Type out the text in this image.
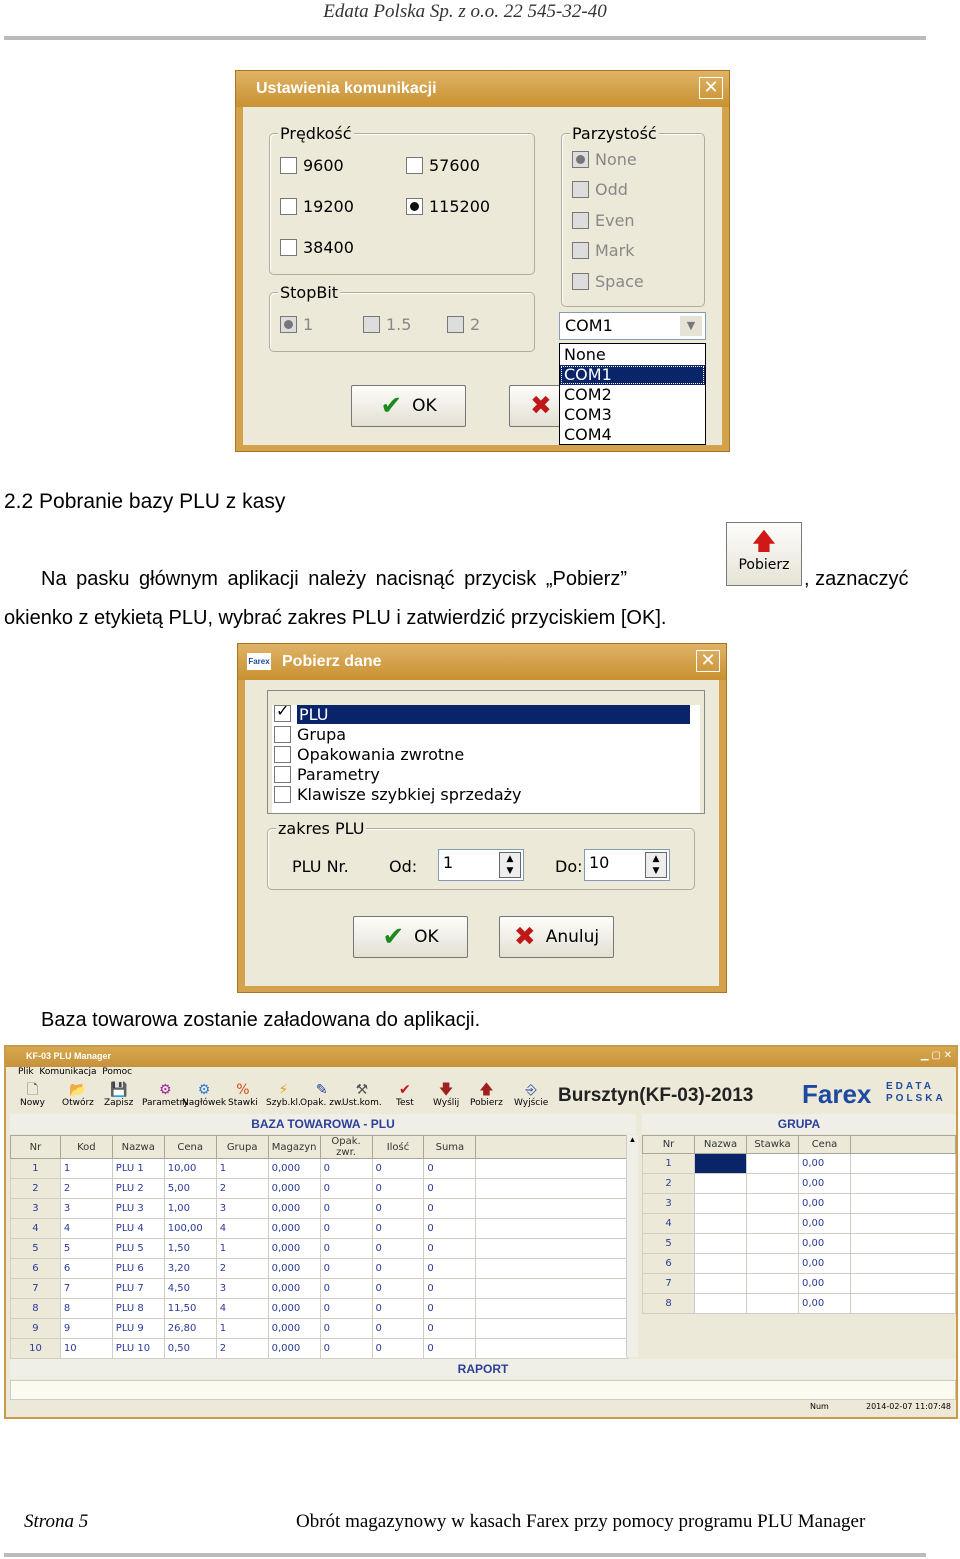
Edata Polska Sp. z o.o. 22 545-32-40
Ustawienia komunikacji	✕
Prędkość
9600	57600
19200	115200
38400
StopBit
1	1.5	2
Parzystość
None
Odd
Even
Mark
Space
COM1	▼
✔ OK	✖
None
COM1
COM2
COM3
COM4
2.2 Pobranie bazy PLU z kasy
Na pasku głównym aplikacji należy nacisnąć przycisk „Pobierz”
🡅
Pobierz
, zaznaczyć
okienko z etykietą PLU, wybrać zakres PLU i zatwierdzić przyciskiem [OK].
Pobierz dane
Farex	✕
✓ PLU
Grupa
Opakowania zwrotne
Parametry
Klawisze szybkiej sprzedaży
zakres PLU
PLU Nr.	Od:	1	▲
▼	Do: 10	▲
▼
✔ OK	✖ Anuluj
Baza towarowa zostanie załadowana do aplikacji.
KF-03 PLU Manager	▁ ▢ ✕
Plik Komunikacja Pomoc
🗋
Nowy
📂
Otwórz
💾
Zapisz
⚙
Parametry
⚙
Nagłówek
%
Stawki
⚡
Szyb.kl.
✎
Opak. zw.
⚒
Ust.kom.
✔
Test
🡇
Wyślij
🡅
Pobierz
⎆
Wyjście Bursztyn(KF-03)-2013 Farex EDATA POLSKA
BAZA TOWAROWA - PLU
Nr	Kod	Nazwa	Cena	Grupa	Magazyn	Opak. zwr.	Ilość	Suma	
1	1	PLU 1	10,00	1	0,000	0	0	0	
2	2	PLU 2	5,00	2	0,000	0	0	0	
3	3	PLU 3	1,00	3	0,000	0	0	0	
4	4	PLU 4	100,00	4	0,000	0	0	0	
5	5	PLU 5	1,50	1	0,000	0	0	0	
6	6	PLU 6	3,20	2	0,000	0	0	0	
7	7	PLU 7	4,50	3	0,000	0	0	0	
8	8	PLU 8	11,50	4	0,000	0	0	0	
9	9	PLU 9	26,80	1	0,000	0	0	0	
10	10	PLU 10	0,50	2	0,000	0	0	0	
▲
GRUPA
Nr	Nazwa	Stawka	Cena	
1			0,00	
2			0,00	
3			0,00	
4			0,00	
5			0,00	
6			0,00	
7			0,00	
8			0,00	
RAPORT
Num	2014-02-07 11:07:48
Strona 5	Obrót magazynowy w kasach Farex przy pomocy programu PLU Manager
